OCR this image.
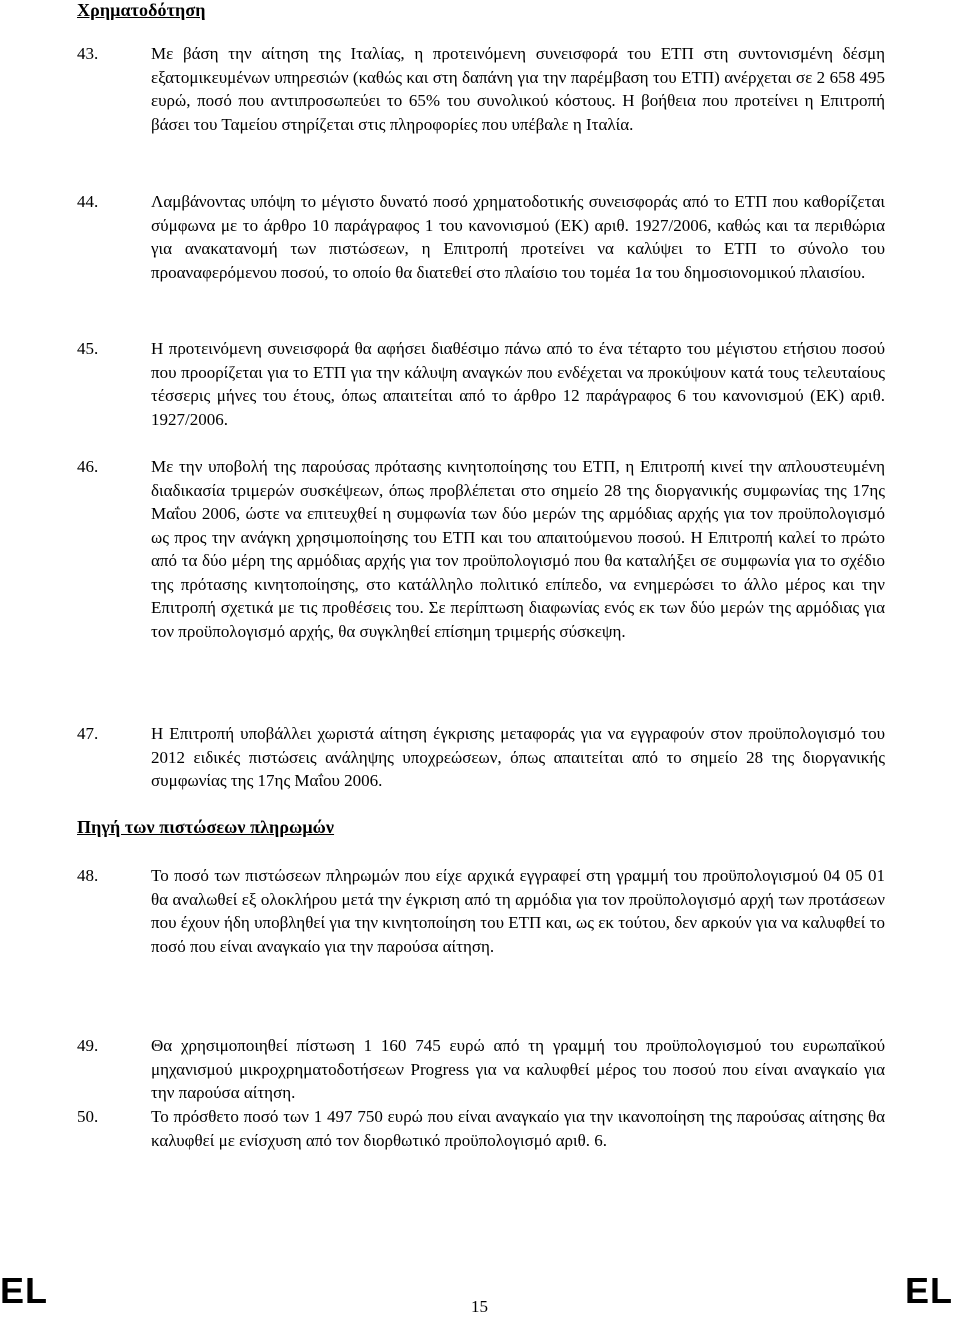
Χρηματοδότηση
43.	Με βάση την αίτηση της Ιταλίας, η προτεινόμενη συνεισφορά του ΕΤΠ στη συντονισμένη δέσμη εξατομικευμένων υπηρεσιών (καθώς και στη δαπάνη για την παρέμβαση του ΕΤΠ) ανέρχεται σε 2 658 495 ευρώ, ποσό που αντιπροσωπεύει το 65% του συνολικού κόστους. Η βοήθεια που προτείνει η Επιτροπή βάσει του Ταμείου στηρίζεται στις πληροφορίες που υπέβαλε η Ιταλία.
44.	Λαμβάνοντας υπόψη το μέγιστο δυνατό ποσό χρηματοδοτικής συνεισφοράς από το ΕΤΠ που καθορίζεται σύμφωνα με το άρθρο 10 παράγραφος 1 του κανονισμού (ΕΚ) αριθ. 1927/2006, καθώς και τα περιθώρια για ανακατανομή των πιστώσεων, η Επιτροπή προτείνει να καλύψει το ΕΤΠ το σύνολο του προαναφερόμενου ποσού, το οποίο θα διατεθεί στο πλαίσιο του τομέα 1α του δημοσιονομικού πλαισίου.
45.	Η προτεινόμενη συνεισφορά θα αφήσει διαθέσιμο πάνω από το ένα τέταρτο του μέγιστου ετήσιου ποσού που προορίζεται για το ΕΤΠ για την κάλυψη αναγκών που ενδέχεται να προκύψουν κατά τους τελευταίους τέσσερις μήνες του έτους, όπως απαιτείται από το άρθρο 12 παράγραφος 6 του κανονισμού (ΕΚ) αριθ. 1927/2006.
46.	Με την υποβολή της παρούσας πρότασης κινητοποίησης του ΕΤΠ, η Επιτροπή κινεί την απλουστευμένη διαδικασία τριμερών συσκέψεων, όπως προβλέπεται στο σημείο 28 της διοργανικής συμφωνίας της 17ης Μαΐου 2006, ώστε να επιτευχθεί η συμφωνία των δύο μερών της αρμόδιας αρχής για τον προϋπολογισμό ως προς την ανάγκη χρησιμοποίησης του ΕΤΠ και του απαιτούμενου ποσού. Η Επιτροπή καλεί το πρώτο από τα δύο μέρη της αρμόδιας αρχής για τον προϋπολογισμό που θα καταλήξει σε συμφωνία για το σχέδιο της πρότασης κινητοποίησης, στο κατάλληλο πολιτικό επίπεδο, να ενημερώσει το άλλο μέρος και την Επιτροπή σχετικά με τις προθέσεις του. Σε περίπτωση διαφωνίας ενός εκ των δύο μερών της αρμόδιας για τον προϋπολογισμό αρχής, θα συγκληθεί επίσημη τριμερής σύσκεψη.
47.	Η Επιτροπή υποβάλλει χωριστά αίτηση έγκρισης μεταφοράς για να εγγραφούν στον προϋπολογισμό του 2012 ειδικές πιστώσεις ανάληψης υποχρεώσεων, όπως απαιτείται από το σημείο 28 της διοργανικής συμφωνίας της 17ης Μαΐου 2006.
Πηγή των πιστώσεων πληρωμών
48.	Το ποσό των πιστώσεων πληρωμών που είχε αρχικά εγγραφεί στη γραμμή του προϋπολογισμού 04 05 01 θα αναλωθεί εξ ολοκλήρου μετά την έγκριση από τη αρμόδια για τον προϋπολογισμό αρχή των προτάσεων που έχουν ήδη υποβληθεί για την κινητοποίηση του ΕΤΠ και, ως εκ τούτου, δεν αρκούν για να καλυφθεί το ποσό που είναι αναγκαίο για την παρούσα αίτηση.
49.	Θα χρησιμοποιηθεί πίστωση 1 160 745 ευρώ από τη γραμμή του προϋπολογισμού του ευρωπαϊκού μηχανισμού μικροχρηματοδοτήσεων Progress για να καλυφθεί μέρος του ποσού που είναι αναγκαίο για την παρούσα αίτηση.
50.	Το πρόσθετο ποσό των 1 497 750 ευρώ που είναι αναγκαίο για την ικανοποίηση της παρούσας αίτησης θα καλυφθεί με ενίσχυση από τον διορθωτικό προϋπολογισμό αριθ. 6.
EL	15	EL
